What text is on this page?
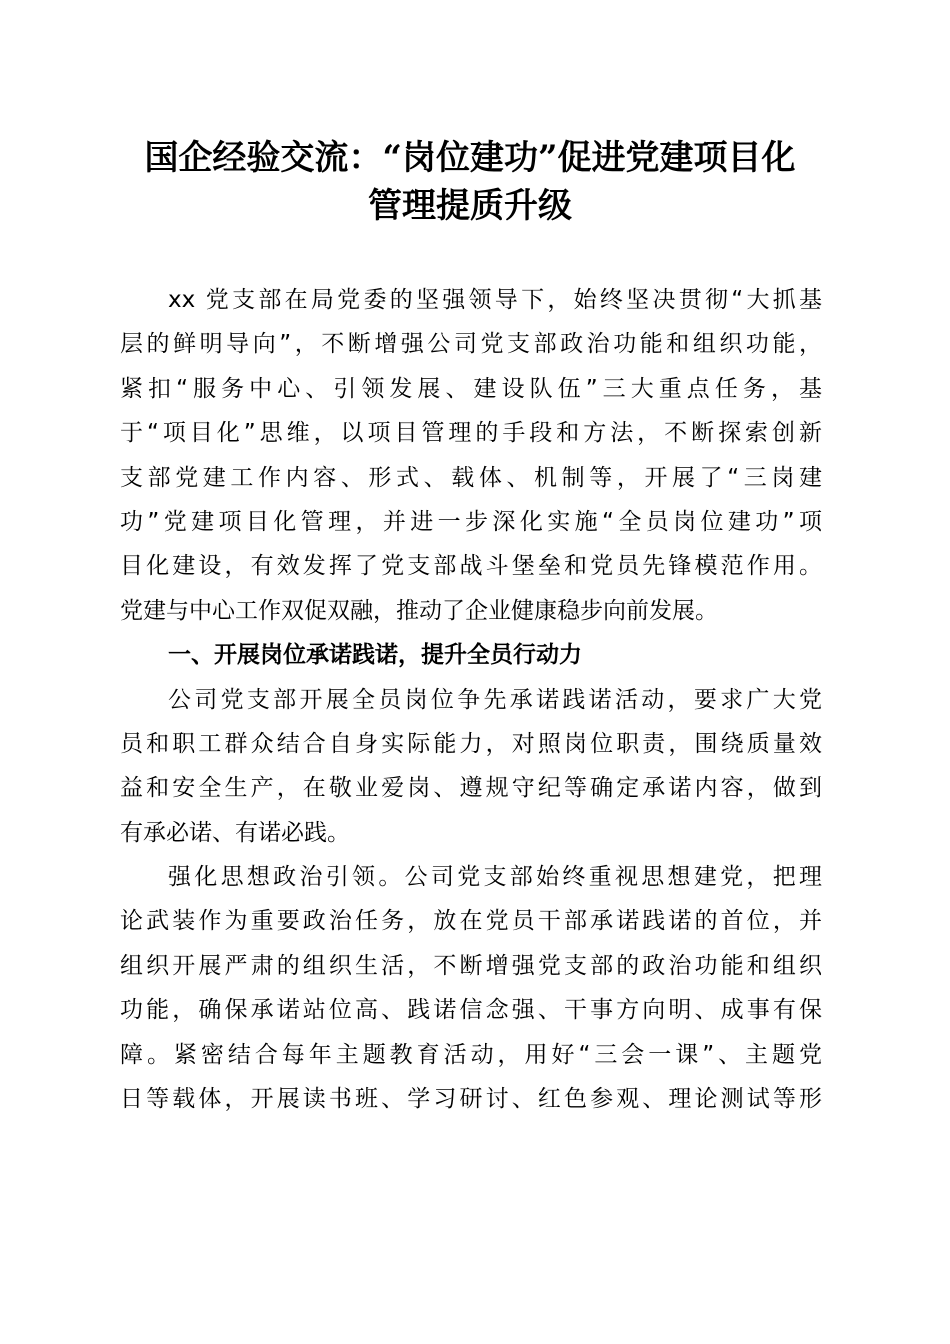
国企经验交流：“岗位建功”促进党建项目化
管理提质升级
xx 党支部在局党委的坚强领导下，始终坚决贯彻“大抓基
层的鲜明导向”，不断增强公司党支部政治功能和组织功能，
紧扣“服务中心、引领发展、建设队伍”三大重点任务，基
于“项目化”思维，以项目管理的手段和方法，不断探索创新
支部党建工作内容、形式、载体、机制等，开展了“三岗建
功”党建项目化管理，并进一步深化实施“全员岗位建功”项
目化建设，有效发挥了党支部战斗堡垒和党员先锋模范作用。
党建与中心工作双促双融，推动了企业健康稳步向前发展。
一、开展岗位承诺践诺，提升全员行动力
公司党支部开展全员岗位争先承诺践诺活动，要求广大党
员和职工群众结合自身实际能力，对照岗位职责，围绕质量效
益和安全生产，在敬业爱岗、遵规守纪等确定承诺内容，做到
有承必诺、有诺必践。
强化思想政治引领。公司党支部始终重视思想建党，把理
论武装作为重要政治任务，放在党员干部承诺践诺的首位，并
组织开展严肃的组织生活，不断增强党支部的政治功能和组织
功能，确保承诺站位高、践诺信念强、干事方向明、成事有保
障。紧密结合每年主题教育活动，用好“三会一课”、主题党
日等载体，开展读书班、学习研讨、红色参观、理论测试等形
